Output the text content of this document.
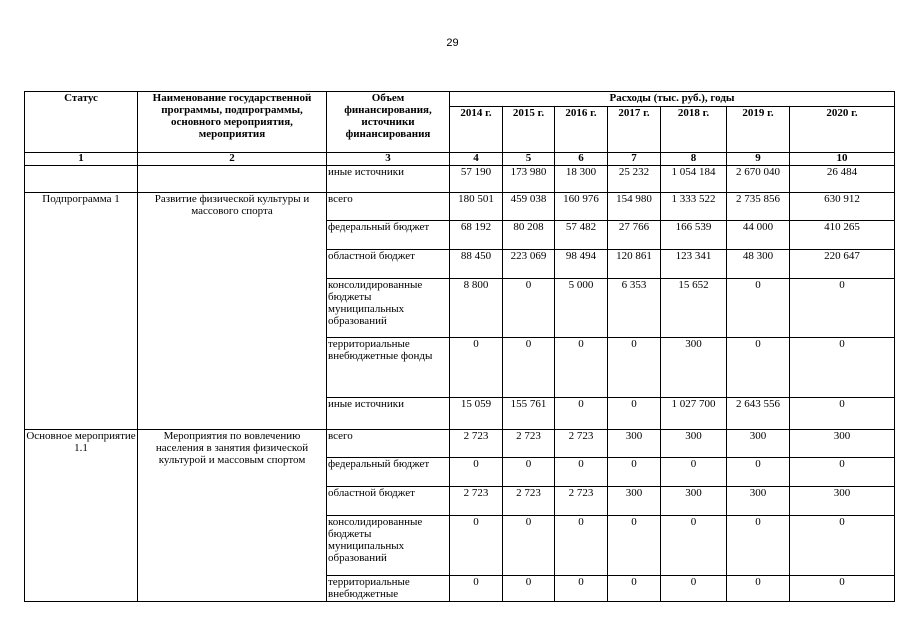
29
Статус	Наименование государственной программы, подпрограммы, основного мероприятия, мероприятия	Объем финансирования, источники финансирования	Расходы (тыс. руб.), годы						
			2014 г.	2015 г.	2016 г.	2017 г.	2018 г.	2019 г.	2020 г.
1	2	3	4	5	6	7	8	9	10
		иные источники	57 190	173 980	18 300	25 232	1 054 184	2 670 040	26 484
Подпрограмма 1	Развитие физической культуры и массового спорта	всего	180 501	459 038	160 976	154 980	1 333 522	2 735 856	630 912
		федеральный бюджет	68 192	80 208	57 482	27 766	166 539	44 000	410 265
		областной бюджет	88 450	223 069	98 494	120 861	123 341	48 300	220 647
		консолидированные бюджеты муниципальных образований	8 800	0	5 000	6 353	15 652	0	0
		территориальные внебюджетные фонды	0	0	0	0	300	0	0
		иные источники	15 059	155 761	0	0	1 027 700	2 643 556	0
Основное мероприятие 1.1	Мероприятия по вовлечению населения в занятия физической культурой и массовым спортом	всего	2 723	2 723	2 723	300	300	300	300
		федеральный бюджет	0	0	0	0	0	0	0
		областной бюджет	2 723	2 723	2 723	300	300	300	300
		консолидированные бюджеты муниципальных образований	0	0	0	0	0	0	0
		территориальные внебюджетные	0	0	0	0	0	0	0
